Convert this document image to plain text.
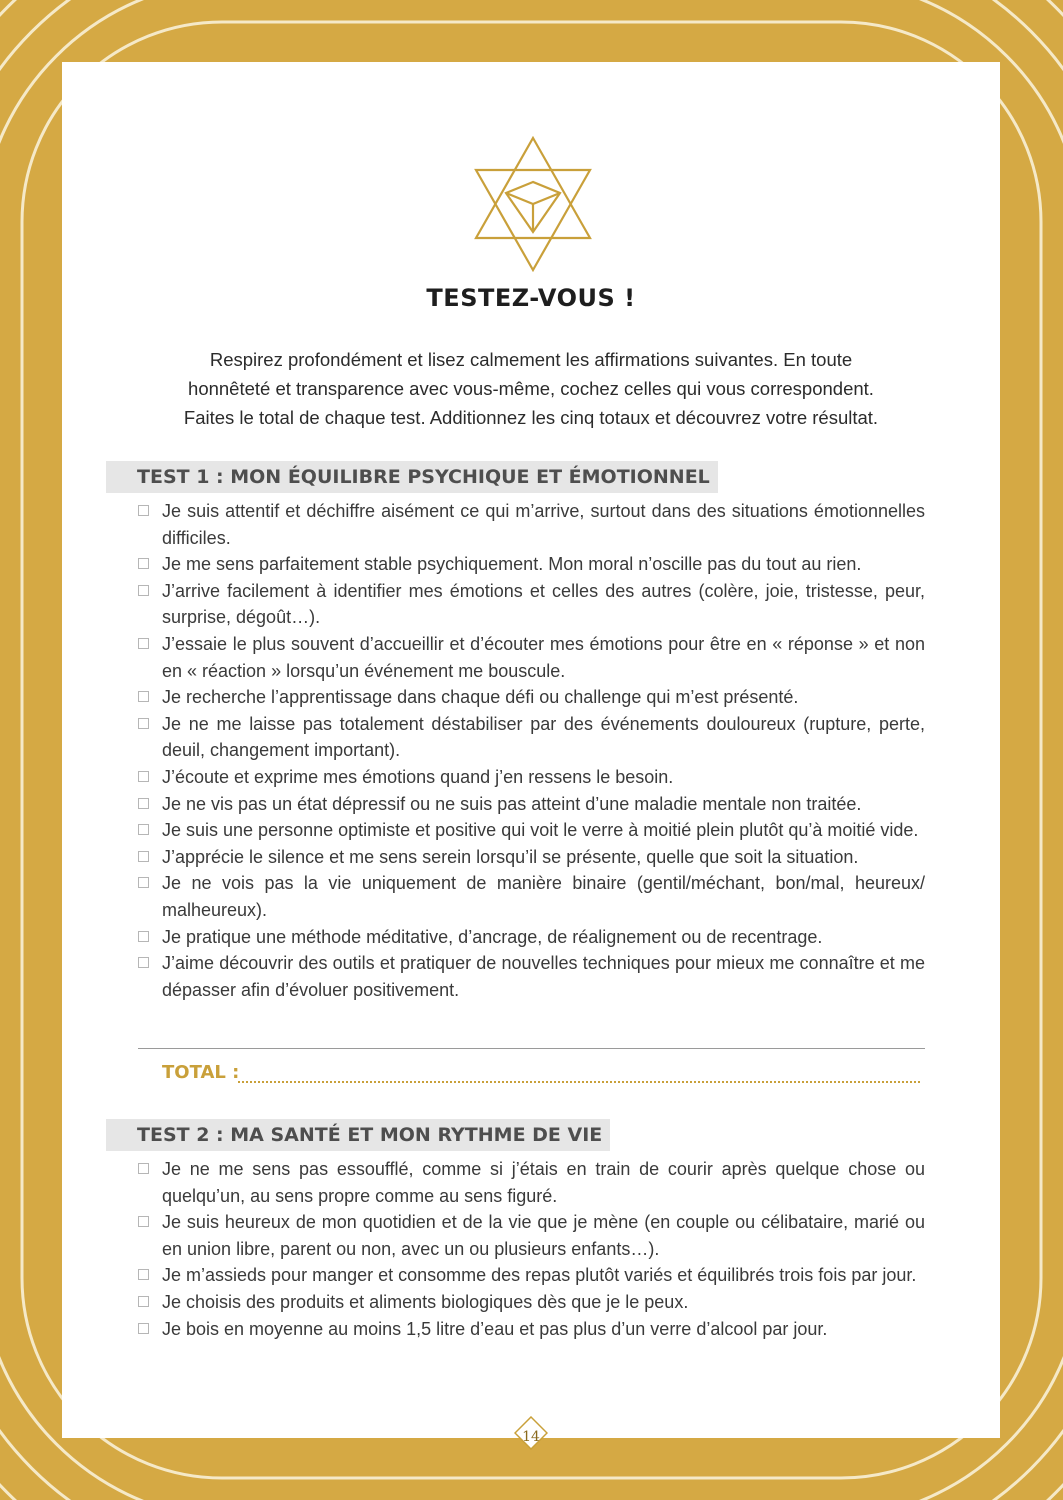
TESTEZ-VOUS !
Respirez profondément et lisez calmement les affirmations suivantes. En toute
honnêteté et transparence avec vous-même, cochez celles qui vous correspondent.
Faites le total de chaque test. Additionnez les cinq totaux et découvrez votre résultat.
TEST 1 : MON ÉQUILIBRE PSYCHIQUE ET ÉMOTIONNEL
Je suis attentif et déchiffre aisément ce qui m’arrive, surtout dans des situations émotionnelles difficiles.
Je me sens parfaitement stable psychiquement. Mon moral n’oscille pas du tout au rien.
J’arrive facilement à identifier mes émotions et celles des autres (colère, joie, tristesse, peur, surprise, dégoût…).
J’essaie le plus souvent d’accueillir et d’écouter mes émotions pour être en « réponse » et non en « réaction » lorsqu’un événement me bouscule.
Je recherche l’apprentissage dans chaque défi ou challenge qui m’est présenté.
Je ne me laisse pas totalement déstabiliser par des événements douloureux (rupture, perte, deuil, changement important).
J’écoute et exprime mes émotions quand j’en ressens le besoin.
Je ne vis pas un état dépressif ou ne suis pas atteint d’une maladie mentale non traitée.
Je suis une personne optimiste et positive qui voit le verre à moitié plein plutôt qu’à moitié vide.
J’apprécie le silence et me sens serein lorsqu’il se présente, quelle que soit la situation.
Je ne vois pas la vie uniquement de manière binaire (gentil/méchant, bon/mal, heureux/ malheureux).
Je pratique une méthode méditative, d’ancrage, de réalignement ou de recentrage.
J’aime découvrir des outils et pratiquer de nouvelles techniques pour mieux me connaître et me dépasser afin d’évoluer positivement.
TOTAL :
TEST 2 : MA SANTÉ ET MON RYTHME DE VIE
Je ne me sens pas essoufflé, comme si j’étais en train de courir après quelque chose ou quelqu’un, au sens propre comme au sens figuré.
Je suis heureux de mon quotidien et de la vie que je mène (en couple ou célibataire, marié ou en union libre, parent ou non, avec un ou plusieurs enfants…).
Je m’assieds pour manger et consomme des repas plutôt variés et équilibrés trois fois par jour.
Je choisis des produits et aliments biologiques dès que je le peux.
Je bois en moyenne au moins 1,5 litre d’eau et pas plus d’un verre d’alcool par jour.
14
